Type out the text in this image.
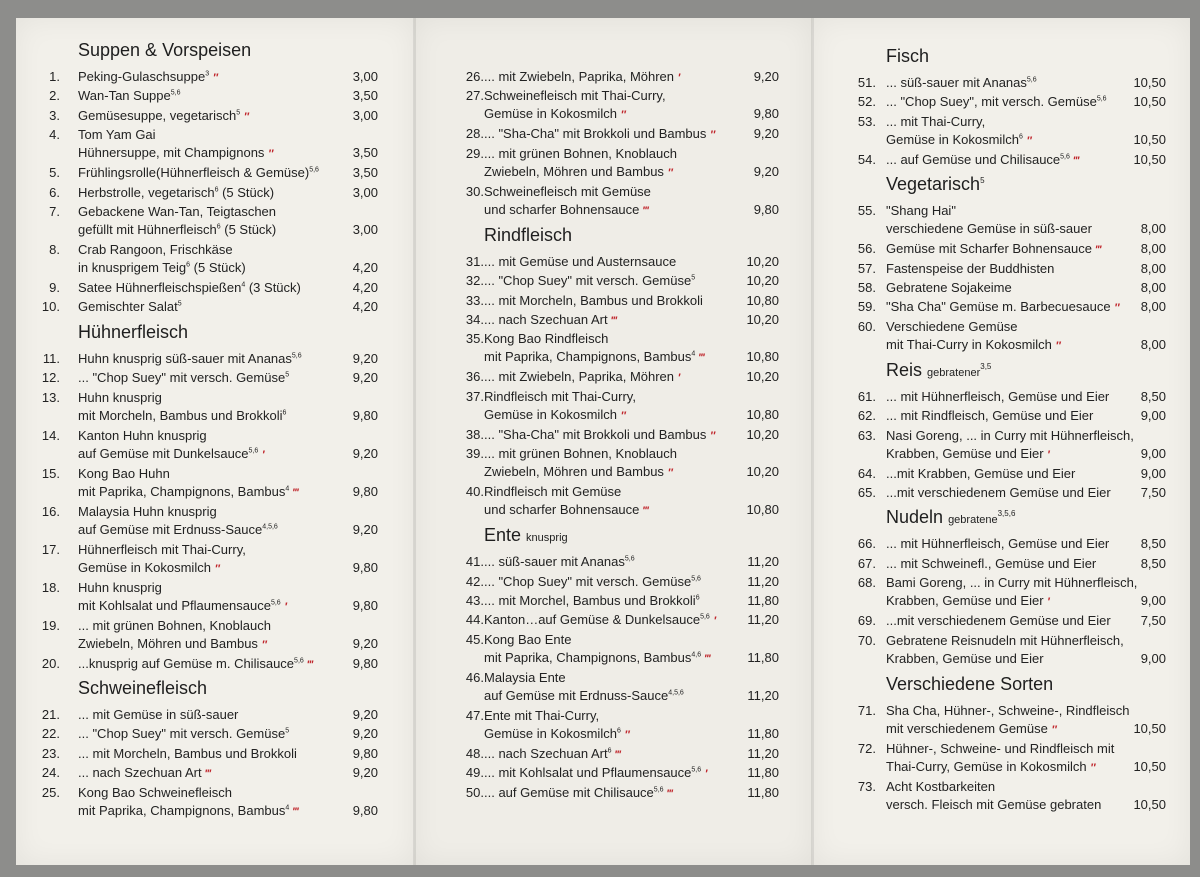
Suppen & Vorspeisen
1. Peking-Gulaschsuppe$^3$ ″	3,00
2. Wan-Tan Suppe$^{5,6}$	3,50
3. Gemüsesuppe, vegetarisch$^5$ ″	3,00
4. Tom Yam Gai
Hühnersuppe, mit Champignons ″	3,50
5. Frühlingsrolle(Hühnerfleisch & Gemüse)$^{5,6}$	3,50
6. Herbstrolle, vegetarisch$^6$ (5 Stück)	3,00
7. Gebackene Wan-Tan, Teigtaschen
gefüllt mit Hühnerfleisch$^6$ (5 Stück)	3,00
8. Crab Rangoon, Frischkäse
in knusprigem Teig$^6$ (5 Stück)	4,20
9. Satee Hühnerfleischspießen$^4$ (3 Stück)	4,20
10. Gemischter Salat$^5$	4,20
Hühnerfleisch
11. Huhn knusprig süß-sauer mit Ananas$^{5,6}$	9,20
12. ... "Chop Suey" mit versch. Gemüse$^5$	9,20
13. Huhn knusprig
mit Morcheln, Bambus und Brokkoli$^6$	9,80
14. Kanton Huhn knusprig
auf Gemüse mit Dunkelsauce$^{5,6}$ ′	9,20
15. Kong Bao Huhn
mit Paprika, Champignons, Bambus$^4$ ‴	9,80
16. Malaysia Huhn knusprig
auf Gemüse mit Erdnuss-Sauce$^{4,5,6}$	9,20
17. Hühnerfleisch mit Thai-Curry,
Gemüse in Kokosmilch ″	9,80
18. Huhn knusprig
mit Kohlsalat und Pflaumensauce$^{5,6}$ ′	9,80
19. ... mit grünen Bohnen, Knoblauch
Zwiebeln, Möhren und Bambus ″	9,20
20. ...knusprig auf Gemüse m. Chilisauce$^{5,6}$ ‴	9,80
Schweinefleisch
21. ... mit Gemüse in süß-sauer	9,20
22. ... "Chop Suey" mit versch. Gemüse$^5$	9,20
23. ... mit Morcheln, Bambus und Brokkoli	9,80
24. ... nach Szechuan Art ‴	9,20
25. Kong Bao Schweinefleisch
mit Paprika, Champignons, Bambus$^4$ ‴	9,80
26. ... mit Zwiebeln, Paprika, Möhren ′	9,20
27. Schweinefleisch mit Thai-Curry,
Gemüse in Kokosmilch ″	9,80
28. ... "Sha-Cha" mit Brokkoli und Bambus ″	9,20
29. ... mit grünen Bohnen, Knoblauch
Zwiebeln, Möhren und Bambus ″	9,20
30. Schweinefleisch mit Gemüse
und scharfer Bohnensauce ‴	9,80
Rindfleisch
31. ... mit Gemüse und Austernsauce	10,20
32. ... "Chop Suey" mit versch. Gemüse$^5$	10,20
33. ... mit Morcheln, Bambus und Brokkoli	10,80
34. ... nach Szechuan Art ‴	10,20
35. Kong Bao Rindfleisch
mit Paprika, Champignons, Bambus$^4$ ‴	10,80
36. ... mit Zwiebeln, Paprika, Möhren ′	10,20
37. Rindfleisch mit Thai-Curry,
Gemüse in Kokosmilch ″	10,80
38. ... "Sha-Cha" mit Brokkoli und Bambus ″	10,20
39. ... mit grünen Bohnen, Knoblauch
Zwiebeln, Möhren und Bambus ″	10,20
40. Rindfleisch mit Gemüse
und scharfer Bohnensauce ‴	10,80
Ente knusprig
41. ... süß-sauer mit Ananas$^{5,6}$	11,20
42. ... "Chop Suey" mit versch. Gemüse$^{5,6}$	11,20
43. ... mit Morchel, Bambus und Brokkoli$^6$	11,80
44. Kanton…auf Gemüse & Dunkelsauce$^{5,6}$ ′	11,20
45. Kong Bao Ente
mit Paprika, Champignons, Bambus$^{4,6}$ ‴	11,80
46. Malaysia Ente
auf Gemüse mit Erdnuss-Sauce$^{4,5,6}$	11,20
47. Ente mit Thai-Curry,
Gemüse in Kokosmilch$^6$ ″	11,80
48. ... nach Szechuan Art$^6$ ‴	11,20
49. ... mit Kohlsalat und Pflaumensauce$^{5,6}$ ′	11,80
50. ... auf Gemüse mit Chilisauce$^{5,6}$ ‴	11,80
Fisch
51. ... süß-sauer mit Ananas$^{5,6}$	10,50
52. ... "Chop Suey", mit versch. Gemüse$^{5,6}$	10,50
53. ... mit Thai-Curry,
Gemüse in Kokosmilch$^6$ ″	10,50
54. ... auf Gemüse und Chilisauce$^{5,6}$ ‴	10,50
Vegetarisch$^5$
55. "Shang Hai"
verschiedene Gemüse in süß-sauer	8,00
56. Gemüse mit Scharfer Bohnensauce ‴	8,00
57. Fastenspeise der Buddhisten	8,00
58. Gebratene Sojakeime	8,00
59. "Sha Cha" Gemüse m. Barbecuesauce ″	8,00
60. Verschiedene Gemüse
mit Thai-Curry in Kokosmilch ″	8,00
Reis gebratener$^{3,5}$
61. ... mit Hühnerfleisch, Gemüse und Eier	8,50
62. ... mit Rindfleisch, Gemüse und Eier	9,00
63. Nasi Goreng, ... in Curry mit Hühnerfleisch,
Krabben, Gemüse und Eier ′	9,00
64. ...mit Krabben, Gemüse und Eier	9,00
65. ...mit verschiedenem Gemüse und Eier	7,50
Nudeln gebratene$^{3,5,6}$
66. ... mit Hühnerfleisch, Gemüse und Eier	8,50
67. ... mit Schweinefl., Gemüse und Eier	8,50
68. Bami Goreng, ... in Curry mit Hühnerfleisch,
Krabben, Gemüse und Eier ′	9,00
69. ...mit verschiedenem Gemüse und Eier	7,50
70. Gebratene Reisnudeln mit Hühnerfleisch,
Krabben, Gemüse und Eier	9,00
Verschiedene Sorten
71. Sha Cha, Hühner-, Schweine-, Rindfleisch
mit verschiedenem Gemüse ″	10,50
72. Hühner-, Schweine- und Rindfleisch mit
Thai-Curry, Gemüse in Kokosmilch ″	10,50
73. Acht Kostbarkeiten
versch. Fleisch mit Gemüse gebraten	10,50
